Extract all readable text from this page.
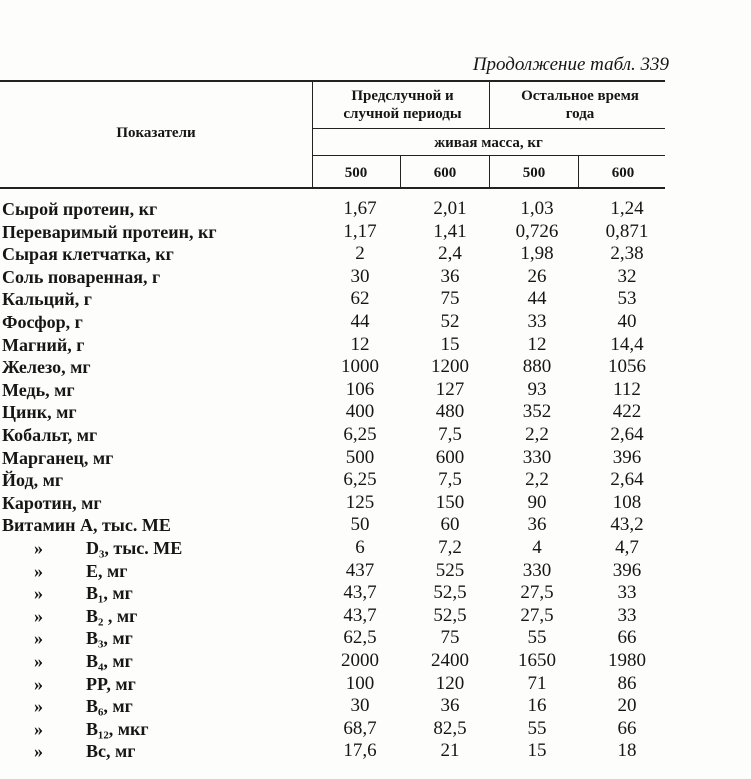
Продолжение табл. 339
Показатели
Предслучной и случной периоды
Остальное время года
живая масса, кг
500	600	500	600
Сырой протеин, кг	1,67	2,01	1,03	1,24
Переваримый протеин, кг	1,17	1,41	0,726	0,871
Сырая клетчатка, кг	2	2,4	1,98	2,38
Соль поваренная, г	30	36	26	32
Кальций, г	62	75	44	53
Фосфор, г	44	52	33	40
Магний, г	12	15	12	14,4
Железо, мг	1000	1200	880	1056
Медь, мг	106	127	93	112
Цинк, мг	400	480	352	422
Кобальт, мг	6,25	7,5	2,2	2,64
Марганец, мг	500	600	330	396
Йод, мг	6,25	7,5	2,2	2,64
Каротин, мг	125	150	90	108
Витамин А, тыс. МЕ	50	60	36	43,2
» D₃, тыс. МЕ	6	7,2	4	4,7
» Е, мг	437	525	330	396
» B₁, мг	43,7	52,5	27,5	33
» B₂ , мг	43,7	52,5	27,5	33
» B₃, мг	62,5	75	55	66
» B₄, мг	2000	2400	1650	1980
» PP, мг	100	120	71	86
» B₆, мг	30	36	16	20
» B₁₂, мкг	68,7	82,5	55	66
» Bc, мг	17,6	21	15	18
